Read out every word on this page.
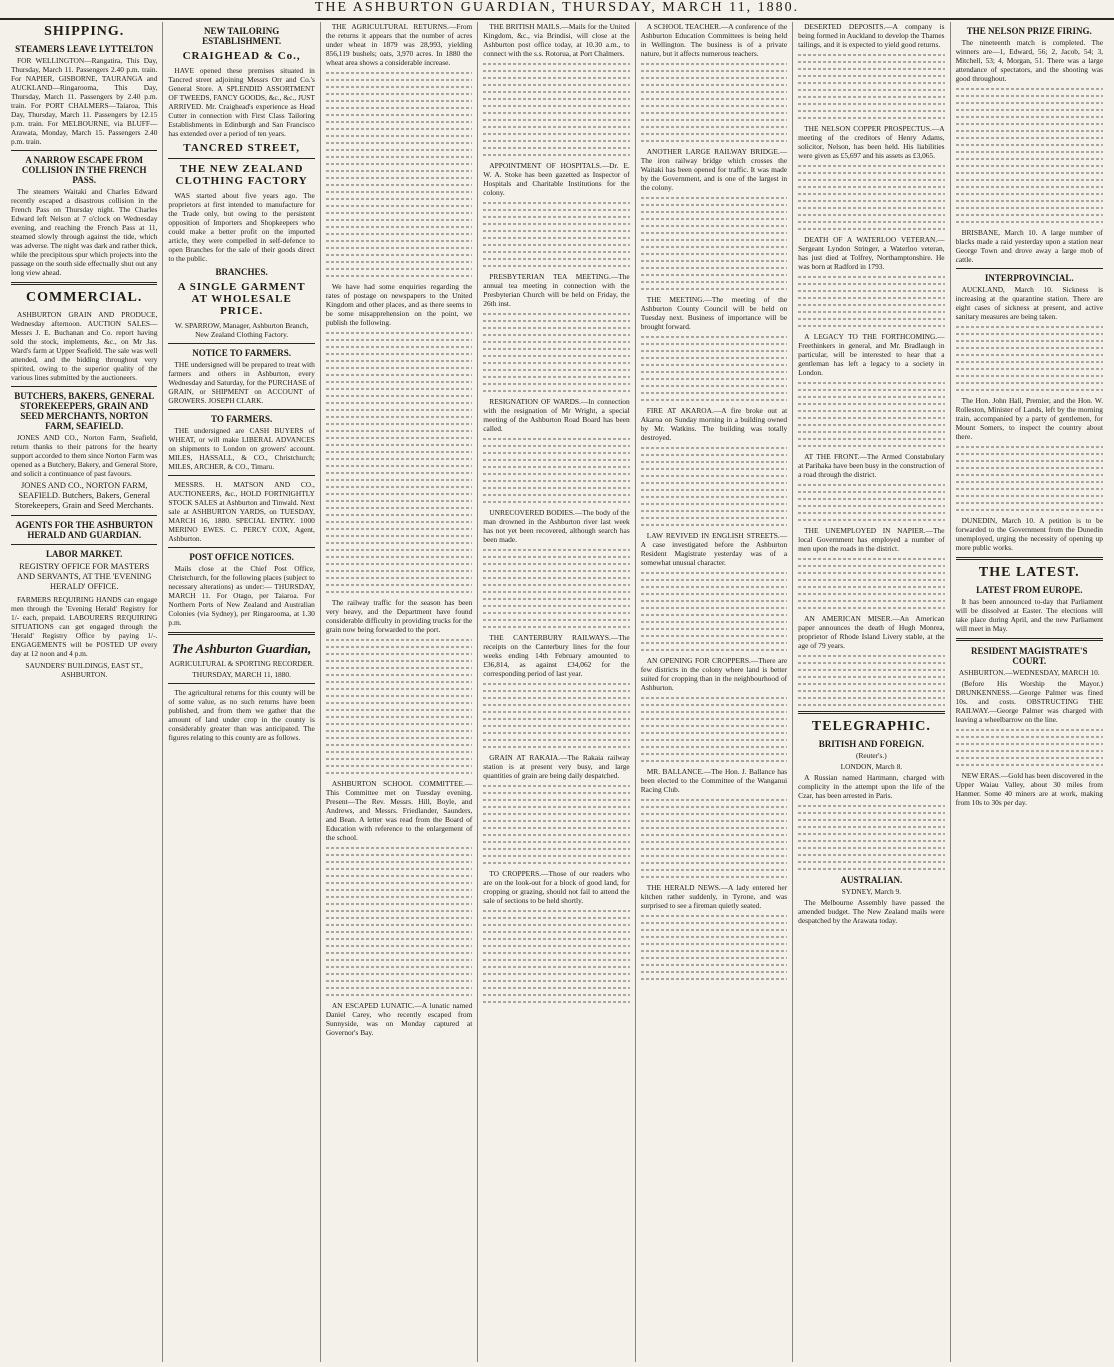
THE ASHBURTON GUARDIAN, THURSDAY, MARCH 11, 1880.
SHIPPING.
STEAMERS LEAVE LYTTELTON

FOR WELLINGTON—Rangatira, This Day, Thursday, March 11. Passengers 2.40 p.m. train. For NAPIER, GISBORNE, TAURANGA and AUCKLAND—Ringarooma, This Day, Thursday, March 11. Passengers by 2.40 p.m. train. For PORT CHALMERS—Taiaroa, This Day, Thursday, March 11. Passengers by 12.15 p.m. train. For MELBOURNE, via BLUFF—Arawata, Monday, March 15. Passengers 2.40 p.m. train.

A NARROW ESCAPE FROM COLLISION IN THE FRENCH PASS.

The steamers Waitaki and Charles Edward recently escaped a disastrous collision in the French Pass on Thursday night. The Charles Edward left Nelson at 7 o'clock on Wednesday evening, and reaching the French Pass at 11, steamed slowly through against the tide, which was adverse. The night was dark and rather thick, while the precipitous spur which projects into the passage on the south side effectually shut out any long view ahead.

COMMERCIAL.

ASHBURTON GRAIN AND PRODUCE, Wednesday afternoon. AUCTION SALES—Messrs J. E. Buchanan and Co. report having sold the stock, implements, &c., on Mr Jas. Ward's farm at Upper Seafield. The sale was well attended, and the bidding throughout very spirited, owing to the superior quality of the various lines submitted by the auctioneers.

BUTCHERS, BAKERS, GENERAL STOREKEEPERS, GRAIN AND SEED MERCHANTS, NORTON FARM, SEAFIELD.

JONES AND CO., Norton Farm, Seafield, return thanks to their patrons for the hearty support accorded to them since Norton Farm was opened as a Butchery, Bakery, and General Store, and solicit a continuance of past favours.

JONES AND CO., NORTON FARM, SEAFIELD. Butchers, Bakers, General Storekeepers, Grain and Seed Merchants.

AGENTS FOR THE ASHBURTON HERALD AND GUARDIAN.
LABOR MARKET.

REGISTRY OFFICE FOR MASTERS AND SERVANTS, AT THE 'EVENING HERALD' OFFICE.

FARMERS REQUIRING HANDS can engage men through the 'Evening Herald' Registry for 1/- each, prepaid. LABOURERS REQUIRING SITUATIONS can get engaged through the 'Herald' Registry Office by paying 1/-. ENGAGEMENTS will be POSTED UP every day at 12 noon and 4 p.m.

SAUNDERS' BUILDINGS, EAST ST., ASHBURTON.

NEW TAILORING ESTABLISHMENT.
CRAIGHEAD & Co.,

HAVE opened these premises situated in Tancred street adjoining Messrs Orr and Co.'s General Store. A SPLENDID ASSORTMENT OF TWEEDS, FANCY GOODS, &c., &c., JUST ARRIVED. Mr. Craighead's experience as Head Cutter in connection with First Class Tailoring Establishments in Edinburgh and San Francisco has extended over a period of ten years.

TANCRED STREET,
THE NEW ZEALAND CLOTHING FACTORY

WAS started about five years ago. The proprietors at first intended to manufacture for the Trade only, but owing to the persistent opposition of Importers and Shopkeepers who could make a better profit on the imported article, they were compelled in self-defence to open Branches for the sale of their goods direct to the public.

BRANCHES.
A SINGLE GARMENT AT WHOLESALE PRICE.

W. SPARROW, Manager, Ashburton Branch, New Zealand Clothing Factory.

NOTICE TO FARMERS.

THE undersigned will be prepared to treat with farmers and others in Ashburton, every Wednesday and Saturday, for the PURCHASE of GRAIN, or SHIPMENT on ACCOUNT of GROWERS. JOSEPH CLARK.

TO FARMERS.

THE undersigned are CASH BUYERS of WHEAT, or will make LIBERAL ADVANCES on shipments to London on growers' account. MILES, HASSALL, & CO., Christchurch; MILES, ARCHER, & CO., Timaru.

MESSRS. H. MATSON AND CO., AUCTIONEERS, &c., HOLD FORTNIGHTLY STOCK SALES at Ashburton and Tinwald. Next sale at ASHBURTON YARDS, on TUESDAY, MARCH 16, 1880. SPECIAL ENTRY. 1000 MERINO EWES. C. PERCY COX, Agent, Ashburton.

POST OFFICE NOTICES.

Mails close at the Chief Post Office, Christchurch, for the following places (subject to necessary alterations) as under:— THURSDAY, MARCH 11. For Otago, per Taiaroa. For Northern Ports of New Zealand and Australian Colonies (via Sydney), per Ringarooma, at 1.30 p.m.

The Ashburton Guardian,
AGRICULTURAL & SPORTING RECORDER.
THURSDAY, MARCH 11, 1880.

The agricultural returns for this county will be of some value, as no such returns have been published, and from them we gather that the amount of land under crop in the county is considerably greater than was anticipated. The figures relating to this county are as follows.

THE AGRICULTURAL RETURNS.—From the returns it appears that the number of acres under wheat in 1879 was 28,993, yielding 856,119 bushels; oats, 3,970 acres. In 1880 the wheat area shows a considerable increase.

We have had some enquiries regarding the rates of postage on newspapers to the United Kingdom and other places, and as there seems to be some misapprehension on the point, we publish the following.

The railway traffic for the season has been very heavy, and the Department have found considerable difficulty in providing trucks for the grain now being forwarded to the port.

ASHBURTON SCHOOL COMMITTEE.—This Committee met on Tuesday evening. Present—The Rev. Messrs. Hill, Boyle, and Andrews, and Messrs. Friedlander, Saunders, and Bean. A letter was read from the Board of Education with reference to the enlargement of the school.

AN ESCAPED LUNATIC.—A lunatic named Daniel Carey, who recently escaped from Sunnyside, was on Monday captured at Governor's Bay.

THE BRITISH MAILS.—Mails for the United Kingdom, &c., via Brindisi, will close at the Ashburton post office today, at 10.30 a.m., to connect with the s.s. Rotorua, at Port Chalmers.

APPOINTMENT OF HOSPITALS.—Dr. E. W. A. Stoke has been gazetted as Inspector of Hospitals and Charitable Institutions for the colony.

PRESBYTERIAN TEA MEETING.—The annual tea meeting in connection with the Presbyterian Church will be held on Friday, the 26th inst.

RESIGNATION OF WARDS.—In connection with the resignation of Mr Wright, a special meeting of the Ashburton Road Board has been called.

UNRECOVERED BODIES.—The body of the man drowned in the Ashburton river last week has not yet been recovered, although search has been made.

THE CANTERBURY RAILWAYS.—The receipts on the Canterbury lines for the four weeks ending 14th February amounted to £36,814, as against £34,062 for the corresponding period of last year.

GRAIN AT RAKAIA.—The Rakaia railway station is at present very busy, and large quantities of grain are being daily despatched.

TO CROPPERS.—Those of our readers who are on the look-out for a block of good land, for cropping or grazing, should not fail to attend the sale of sections to be held shortly.

A SCHOOL TEACHER.—A conference of the Ashburton Education Committees is being held in Wellington. The business is of a private nature, but it affects numerous teachers.

ANOTHER LARGE RAILWAY BRIDGE.—The iron railway bridge which crosses the Waitaki has been opened for traffic. It was made by the Government, and is one of the largest in the colony.

THE MEETING.—The meeting of the Ashburton County Council will be held on Tuesday next. Business of importance will be brought forward.

FIRE AT AKAROA.—A fire broke out at Akaroa on Sunday morning in a building owned by Mr. Watkins. The building was totally destroyed.

LAW REVIVED IN ENGLISH STREETS.—A case investigated before the Ashburton Resident Magistrate yesterday was of a somewhat unusual character.

AN OPENING FOR CROPPERS.—There are few districts in the colony where land is better suited for cropping than in the neighbourhood of Ashburton.

MR. BALLANCE.—The Hon. J. Ballance has been elected to the Committee of the Wanganui Racing Club.

THE HERALD NEWS.—A lady entered her kitchen rather suddenly, in Tyrone, and was surprised to see a fireman quietly seated.

DESERTED DEPOSITS.—A company is being formed in Auckland to develop the Thames tailings, and it is expected to yield good returns.

THE NELSON COPPER PROSPECTUS.—A meeting of the creditors of Henry Adams, solicitor, Nelson, has been held. His liabilities were given as £5,697 and his assets as £3,065.

DEATH OF A WATERLOO VETERAN.—Sergeant Lyndon Stringer, a Waterloo veteran, has just died at Tolfrey, Northamptonshire. He was born at Radford in 1793.

A LEGACY TO THE FORTHCOMING.—Freethinkers in general, and Mr. Bradlaugh in particular, will be interested to hear that a gentleman has left a legacy to a society in London.

AT THE FRONT.—The Armed Constabulary at Parihaka have been busy in the construction of a road through the district.

THE UNEMPLOYED IN NAPIER.—The local Government has employed a number of men upon the roads in the district.

AN AMERICAN MISER.—An American paper announces the death of Hugh Monrea, proprietor of Rhode Island Livery stable, at the age of 79 years.

TELEGRAPHIC.
BRITISH AND FOREIGN.
(Reuter's.)
LONDON, March 8.

A Russian named Hartmann, charged with complicity in the attempt upon the life of the Czar, has been arrested in Paris.

AUSTRALIAN.
SYDNEY, March 9.

The Melbourne Assembly have passed the amended budget. The New Zealand mails were despatched by the Arawata today.

THE NELSON PRIZE FIRING.

The nineteenth match is completed. The winners are—1, Edward, 56; 2, Jacob, 54; 3, Mitchell, 53; 4, Morgan, 51. There was a large attendance of spectators, and the shooting was good throughout.

BRISBANE, March 10. A large number of blacks made a raid yesterday upon a station near George Town and drove away a large mob of cattle.

INTERPROVINCIAL.

AUCKLAND, March 10. Sickness is increasing at the quarantine station. There are eight cases of sickness at present, and active sanitary measures are being taken.

The Hon. John Hall, Premier, and the Hon. W. Rolleston, Minister of Lands, left by the morning train, accompanied by a party of gentlemen, for Mount Somers, to inspect the country about there.

DUNEDIN, March 10. A petition is to be forwarded to the Government from the Dunedin unemployed, urging the necessity of opening up more public works.

THE LATEST.
LATEST FROM EUROPE.

It has been announced to-day that Parliament will be dissolved at Easter. The elections will take place during April, and the new Parliament will meet in May.

RESIDENT MAGISTRATE'S COURT.
ASHBURTON.—WEDNESDAY, MARCH 10.

(Before His Worship the Mayor.) DRUNKENNESS.—George Palmer was fined 10s. and costs. OBSTRUCTING THE RAILWAY.—George Palmer was charged with leaving a wheelbarrow on the line.

NEW ERAS.—Gold has been discovered in the Upper Waiau Valley, about 30 miles from Hanmer. Some 40 miners are at work, making from 10s to 30s per day.
